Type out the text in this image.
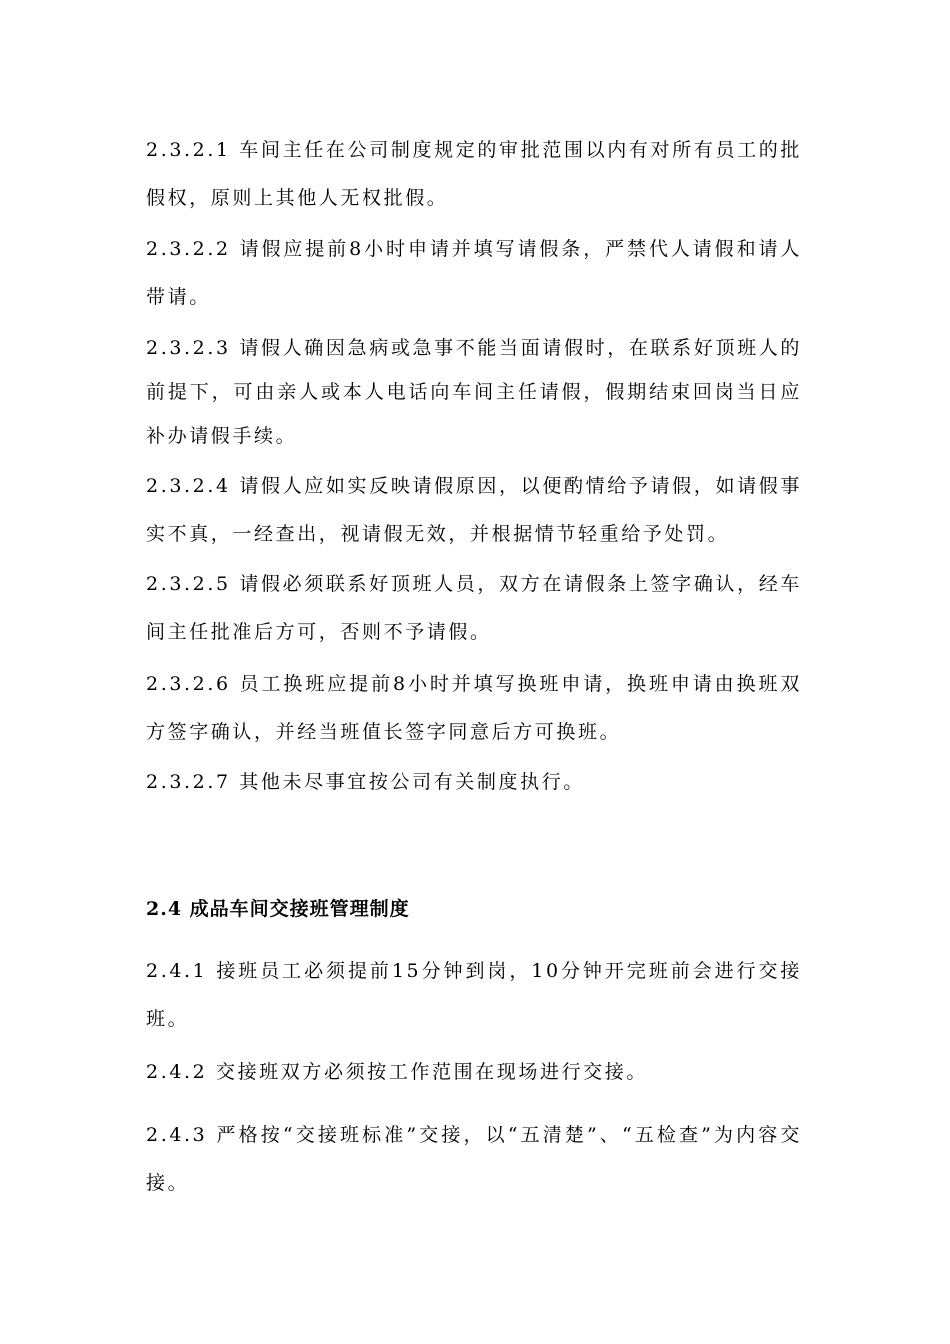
2.3.2.1 车间主任在公司制度规定的审批范围以内有对所有员工的批假权，原则上其他人无权批假。

2.3.2.2 请假应提前8小时申请并填写请假条，严禁代人请假和请人带请。

2.3.2.3 请假人确因急病或急事不能当面请假时，在联系好顶班人的前提下，可由亲人或本人电话向车间主任请假，假期结束回岗当日应补办请假手续。

2.3.2.4 请假人应如实反映请假原因，以便酌情给予请假，如请假事实不真，一经查出，视请假无效，并根据情节轻重给予处罚。

2.3.2.5 请假必须联系好顶班人员，双方在请假条上签字确认，经车间主任批准后方可，否则不予请假。

2.3.2.6 员工换班应提前8小时并填写换班申请，换班申请由换班双方签字确认，并经当班值长签字同意后方可换班。

2.3.2.7 其他未尽事宜按公司有关制度执行。

2.4 成品车间交接班管理制度

2.4.1 接班员工必须提前15分钟到岗，10分钟开完班前会进行交接班。

2.4.2 交接班双方必须按工作范围在现场进行交接。

2.4.3 严格按“交接班标准”交接，以“五清楚”、“五检查”为内容交接。
